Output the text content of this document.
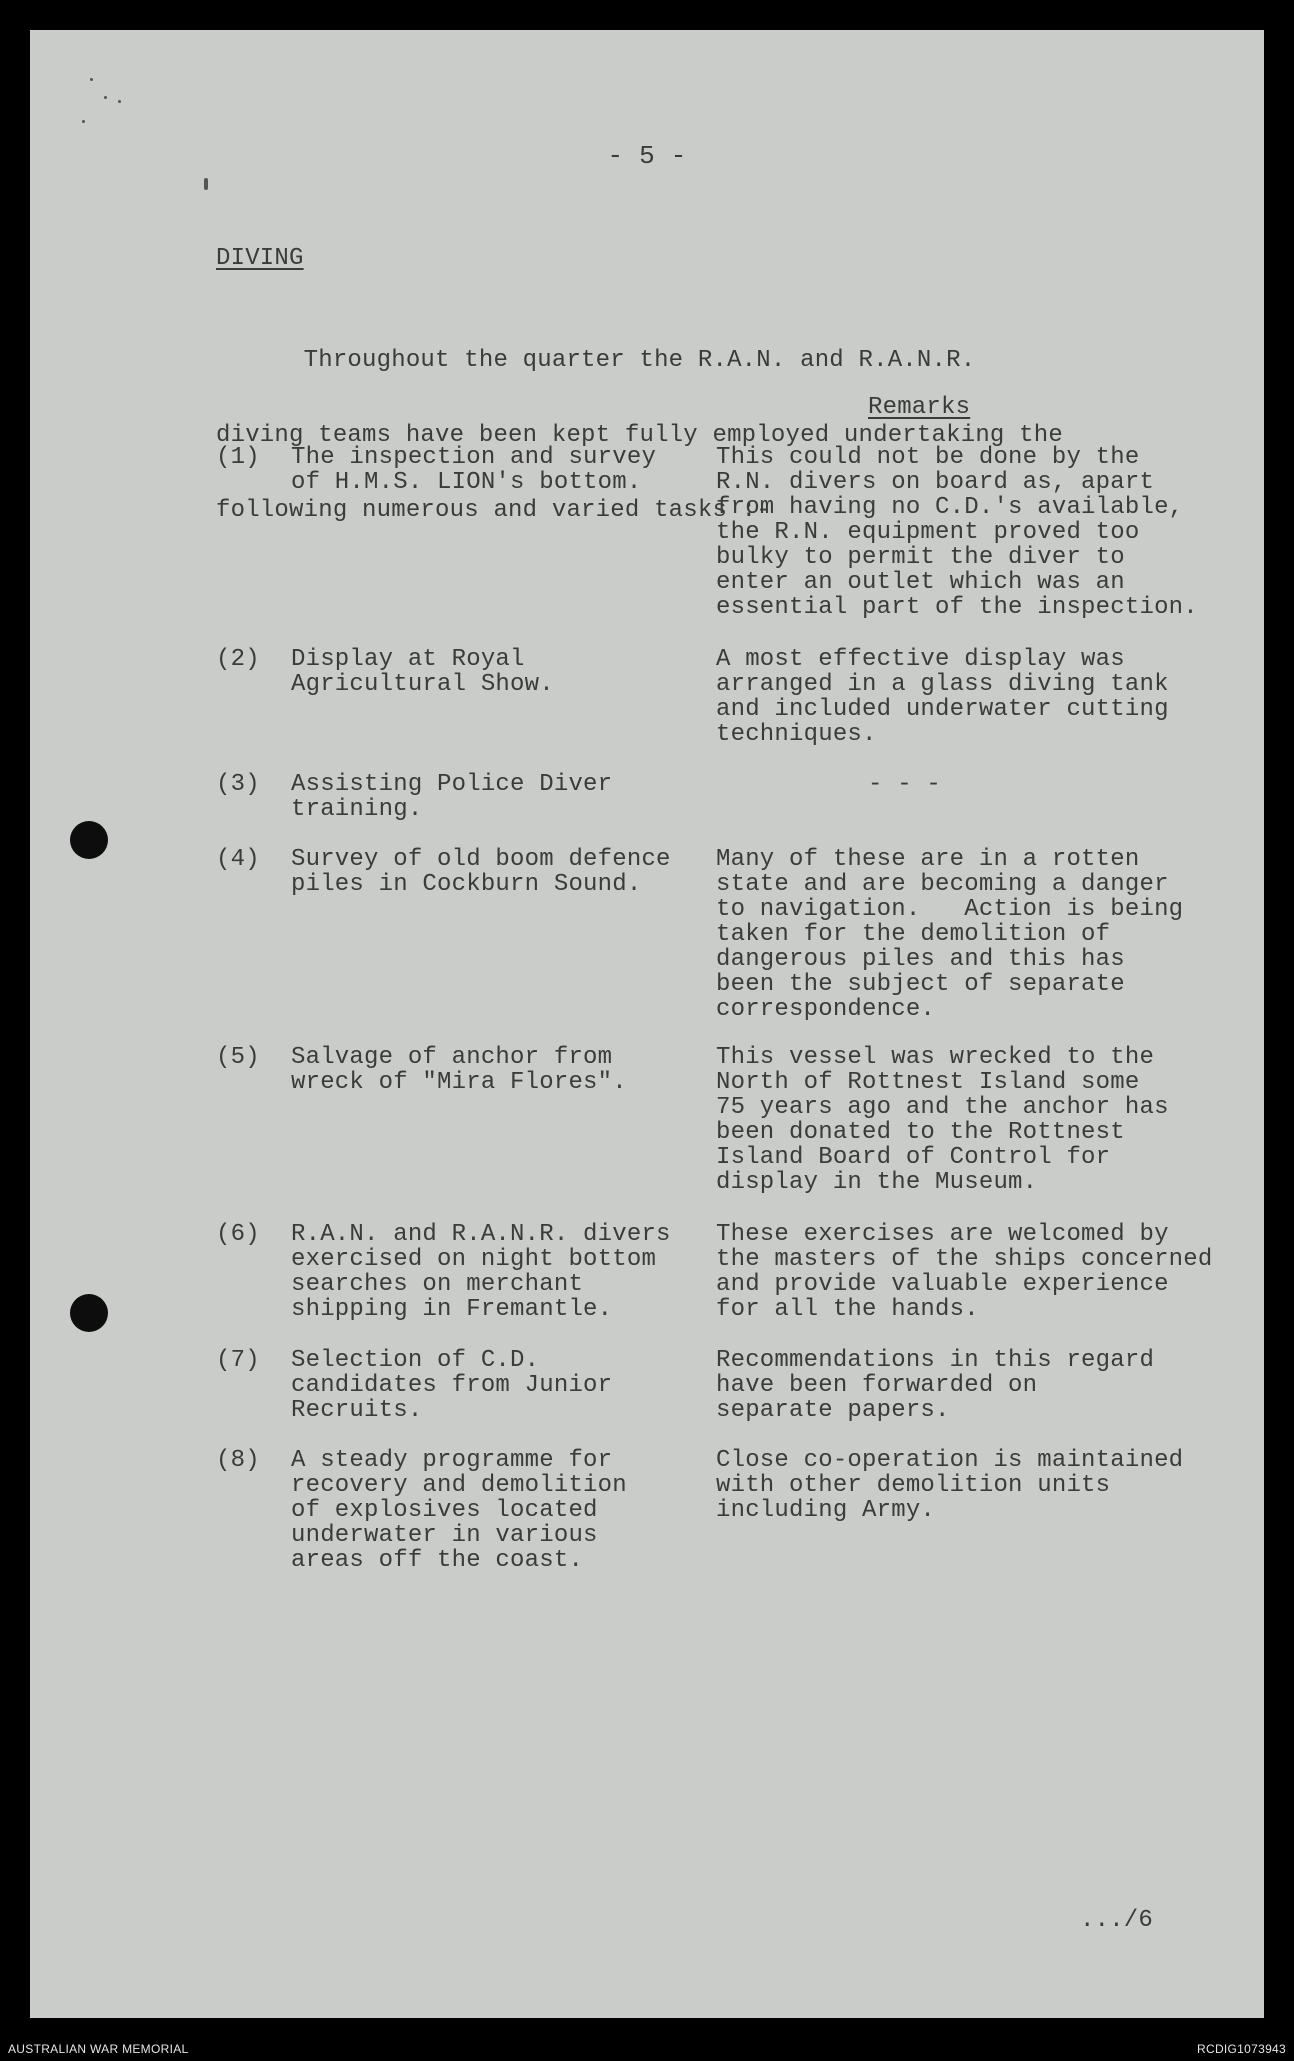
- 5 -
DIVING

Throughout the quarter the R.A.N. and R.A.N.R.

diving teams have been kept fully employed undertaking the

following numerous and varied tasks :-

Remarks
(1) The inspection and survey
of H.M.S. LION's bottom.
This could not be done by the
R.N. divers on board as, apart
from having no C.D.'s available,
the R.N. equipment proved too
bulky to permit the diver to
enter an outlet which was an
essential part of the inspection.
(2) Display at Royal
Agricultural Show.
A most effective display was
arranged in a glass diving tank
and included underwater cutting
techniques.
(3) Assisting Police Diver
training.
- - -
(4) Survey of old boom defence
piles in Cockburn Sound.
Many of these are in a rotten
state and are becoming a danger
to navigation.   Action is being
taken for the demolition of
dangerous piles and this has
been the subject of separate
correspondence.
(5) Salvage of anchor from
wreck of "Mira Flores".
This vessel was wrecked to the
North of Rottnest Island some
75 years ago and the anchor has
been donated to the Rottnest
Island Board of Control for
display in the Museum.
(6) R.A.N. and R.A.N.R. divers
exercised on night bottom
searches on merchant
shipping in Fremantle.
These exercises are welcomed by
the masters of the ships concerned
and provide valuable experience
for all the hands.
(7) Selection of C.D.
candidates from Junior
Recruits.
Recommendations in this regard
have been forwarded on
separate papers.
(8) A steady programme for
recovery and demolition
of explosives located
underwater in various
areas off the coast.
Close co-operation is maintained
with other demolition units
including Army.
.../6
AUSTRALIAN WAR MEMORIAL	RCDIG1073943
